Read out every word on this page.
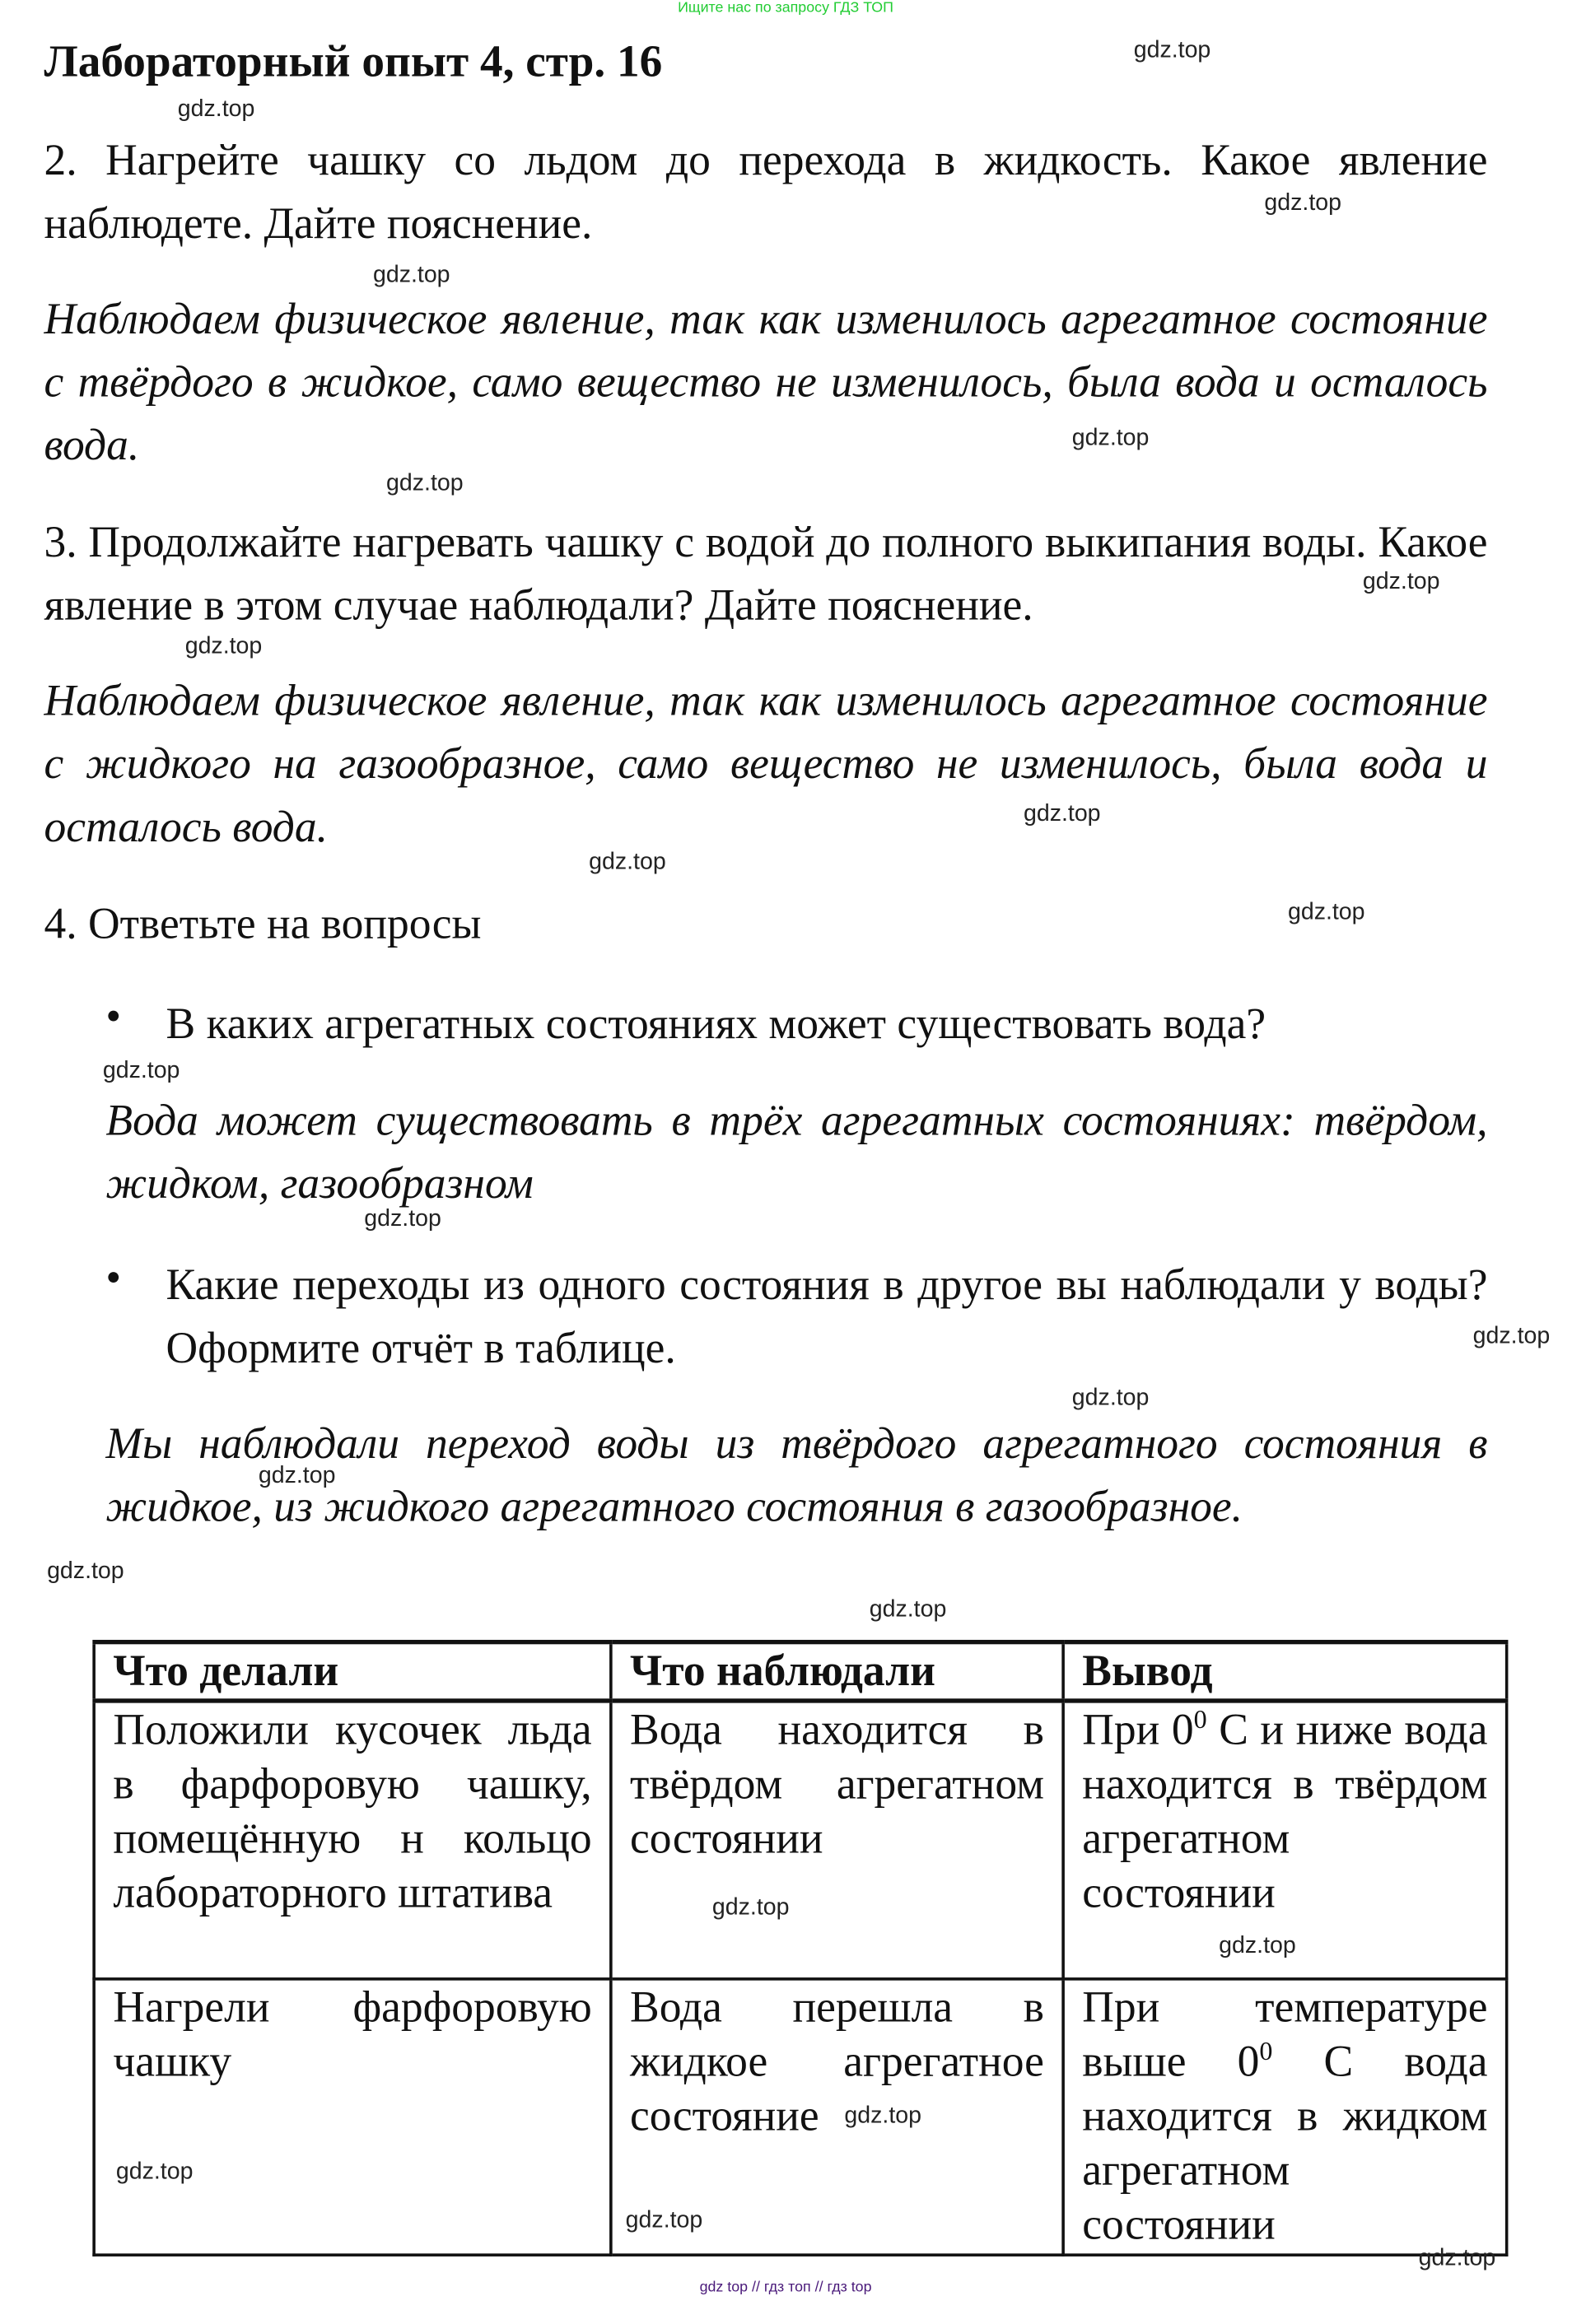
Ищите нас по запросу ГДЗ ТОП
Лабораторный опыт 4, стр. 16
2. Нагрейте чашку со льдом до перехода в жидкость. Какое явление наблюдете. Дайте пояснение.
Наблюдаем физическое явление, так как изменилось агрегатное состояние с твёрдого в жидкое, само вещество не изменилось, была вода и осталось вода.
3. Продолжайте нагревать чашку с водой до полного выкипания воды. Какое явление в этом случае наблюдали? Дайте пояснение.
Наблюдаем физическое явление, так как изменилось агрегатное состояние с жидкого на газообразное, само вещество не изменилось, была вода и осталось вода.
4. Ответьте на вопросы
• В каких агрегатных состояниях может существовать вода?
Вода может существовать в трёх агрегатных состояниях: твёрдом, жидком, газообразном
• Какие переходы из одного состояния в другое вы наблюдали у воды? Оформите отчёт в таблице.
Мы наблюдали переход воды из твёрдого агрегатного состояния в жидкое, из жидкого агрегатного состояния в газообразное.
Что делали	Что наблюдали	Вывод
Положили кусочек льда в фарфоровую чашку, помещённую н кольцо лабораторного штатива	Вода находится в твёрдом агрегатном состоянии	При $0^0$ С и ниже вода находится в твёрдом агрегатном состоянии
Нагрели фарфоровую чашку	Вода перешла в жидкое агрегатное состояние	При температуре выше $0^0$ С вода находится в жидком агрегатном состоянии
gdz.top
gdz.top
gdz.top
gdz.top
gdz.top
gdz.top
gdz.top
gdz.top
gdz.top
gdz.top
gdz.top
gdz.top
gdz.top
gdz.top
gdz.top
gdz.top
gdz.top
gdz.top
gdz.top
gdz.top
gdz.top
gdz.top
gdz.top
gdz.top
gdz top // гдз топ // гдз top
